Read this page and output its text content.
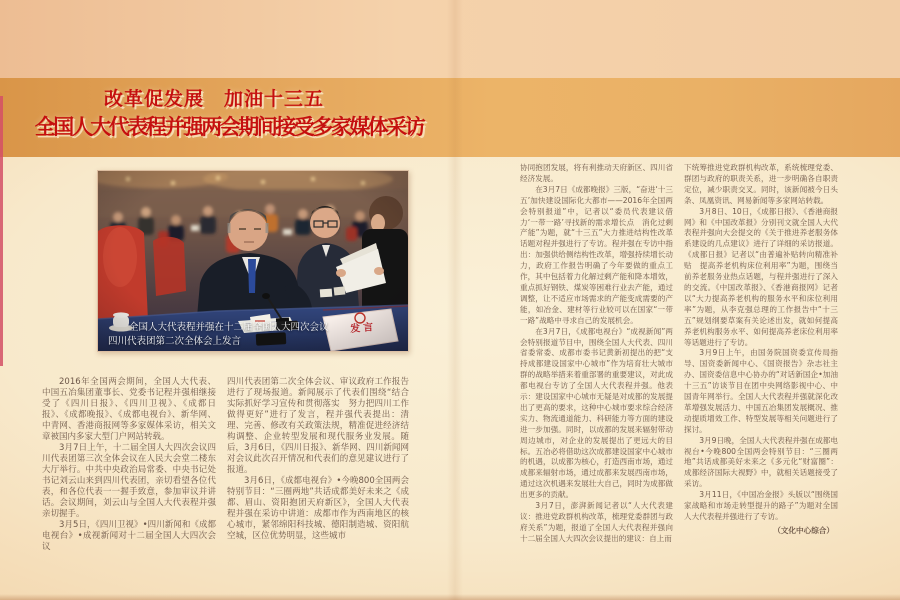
改革促发展　加油十三五
全国人大代表程并强两会期间接受多家媒体采访
全国人大代表程并强在十二届全国人大四次会议
四川代表团第二次全体会上发言
发言

2016年全国两会期间，全国人大代表、中国五冶集团董事长、党委书记程并强相继接受了《四川日报》、《四川卫视》、《成都日报》、《成都晚报》、《成都电视台》、新华网、中青网、香港商报网等多家媒体采访，相关文章被国内多家大型门户网站转载。

3月7日上午，十二届全国人大四次会议四川代表团第三次全体会议在人民大会堂二楼东大厅举行。中共中央政治局常委、中央书记处书记刘云山来到四川代表团，亲切看望各位代表，和各位代表一一握手致意，参加审议并讲话。会议期间，刘云山与全国人大代表程并强亲切握手。

3月5日，《四川卫视》•四川新闻和《成都电视台》•成视新闻对十二届全国人大四次会议

四川代表团第二次全体会议、审议政府工作报告进行了现场报道。新闻展示了代表们围绕“结合实际抓好学习宣传和贯彻落实　努力把四川工作做得更好”进行了发言，程并强代表提出：清理、完善、修改有关政策法规，精准促进经济结构调整、企业转型发展和现代服务业发展。随后，3月6日，《四川日报》、新华网、四川新闻网对会议此次召开情况和代表们的意见建议进行了报道。

3月6日，《成都电视台》•今晚800全国两会特别节目：“三圈两地”共话成都美好未来之《成都、眉山、资阳抱团天府新区》，全国人大代表程并强在采访中讲道：成都市作为西南地区的核心城市，紧邻绵阳科技城、德阳制造城、资阳航空城，区位优势明显，这些城市

协同抱团发展，将有利推动天府新区、四川省经济发展。

在3月7日《成都晚报》三版，“奋进‘十三五’加快建设国际化大都市——2016年全国两会特别报道”中，记者以“委员代表建议借力‘一带一路’寻找新的需求增长点　消化过剩产能”为题，就“十三五”大力推进结构性改革话题对程并强进行了专访。程并强在专访中指出：加强供给侧结构性改革，增强持续增长动力，政府工作报告明确了今年要做的重点工作，其中包括着力化解过剩产能和降本增效，重点抓好钢铁、煤炭等困难行业去产能，通过调整，让不适应市场需求的产能变成需要的产能，如冶金、建材等行业较可以在国家“一带一路”战略中寻求自己的发展机会。

在3月7日，《成都电视台》“成视新闻”两会特别报道节目中，围绕全国人大代表、四川省委常委、成都市委书记黄新初提出的把“支持成都建设国家中心城市”作为培育壮大城市群的战略举措来着重部署的重要建议，对此成都电视台专访了全国人大代表程并强。他表示：建设国家中心城市无疑是对成都的发展提出了更高的要求，这种中心城市要求综合经济实力、物流通道能力、科研能力等方面的建设进一步加强。同时，以成都的发展来辐射带动周边城市，对企业的发展提出了更远大的目标。五冶必将借助这次成都建设国家中心城市的机遇，以成都为核心，打造西南市场，通过成都来辐射市场，通过成都来发展西南市场，通过这次机遇来发展壮大自己，同时为成都做出更多的贡献。

3月7日，澎湃新闻记者以“人大代表建议：推进党政群机构改革，梳理党委群团与政府关系”为题，报道了全国人大代表程并强向十二届全国人大四次会议提出的建议：自上而

下统筹推进党政群机构改革，系统梳理党委、群团与政府的职责关系，进一步明确各自职责定位，减少职责交叉。同时，该新闻被今日头条、凤凰资讯、网易新闻等多家网站转载。

3月8日、10日，《成都日报》、《香港商报网》和《中国改革报》分别刊文就全国人大代表程并强向大会提交的《关于推进养老服务体系建设的几点建议》进行了详细的采访报道。《成都日报》记者以“由普遍补贴转向精准补贴　提高养老机构床位利用率”为题，围绕当前养老服务业热点话题，与程并强进行了深入的交流。《中国改革报》、《香港商报网》记者以“大力提高养老机构的服务水平和床位利用率”为题，从李克强总理的工作报告中“十三五”规划纲要草案有关论述出发，就如何提高养老机构服务水平、如何提高养老床位利用率等话题进行了专访。

3月9日上午，由国务院国资委宣传局指导、国资委新闻中心、《国资报告》杂志社主办、国资委信息中心协办的“对话新国企•加油十三五”访谈节目在团中央网络影视中心、中国青年网举行。全国人大代表程并强就深化改革增强发展活力、中国五冶集团发展概况、推动提质增效工作、特型发展等相关问题进行了探讨。

3月9日晚，全国人大代表程并强在成都电视台•今晚800全国两会特别节目：“三圈两地”共话成都美好未来之《多元化“财富圈”：成都经济国际大视野》中，就相关话题接受了采访。

3月11日，《中国冶金报》头版以“围绕国家战略和市场走转型提升的路子”为题对全国人大代表程并强进行了专访。

（文化中心综合）
